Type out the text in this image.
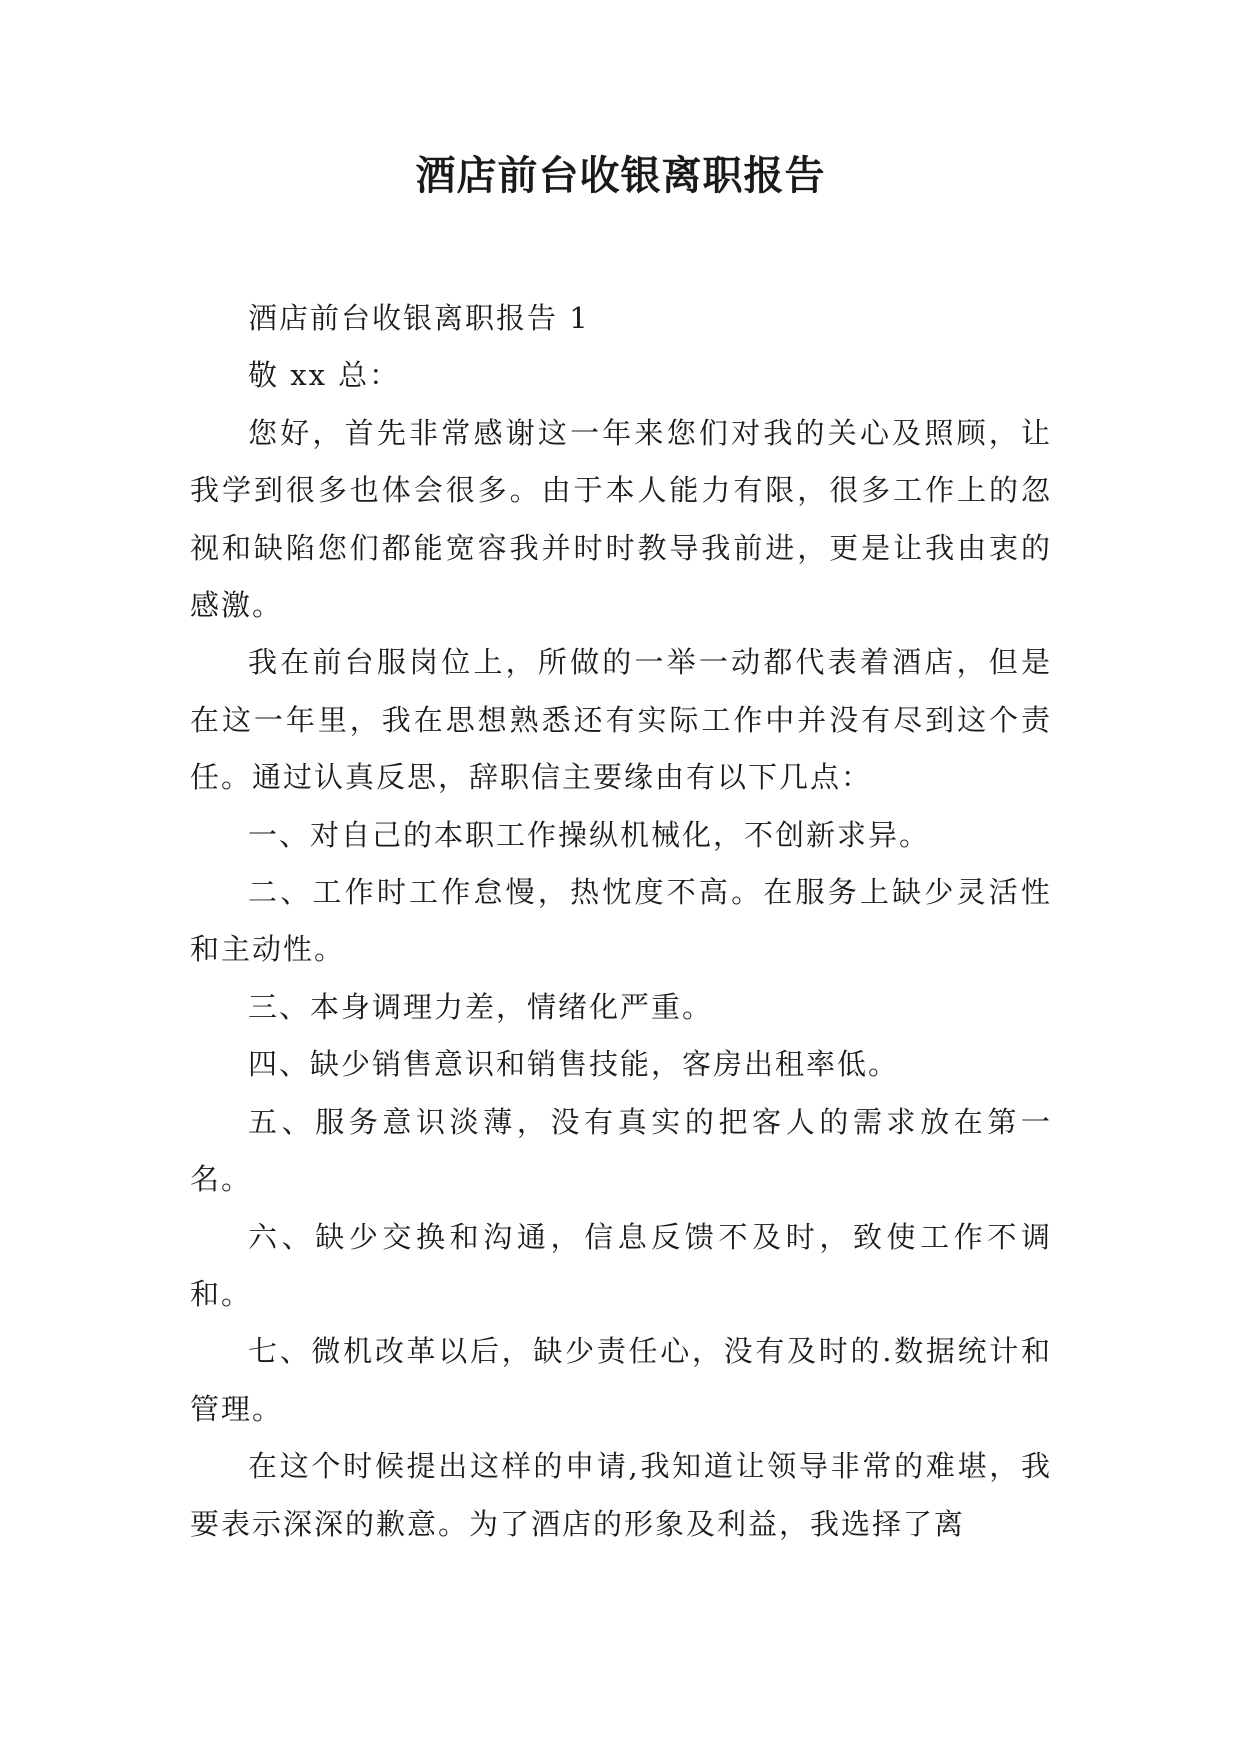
酒店前台收银离职报告

酒店前台收银离职报告 1

敬 xx 总：

您好，首先非常感谢这一年来您们对我的关心及照顾，让我学到很多也体会很多。由于本人能力有限，很多工作上的忽视和缺陷您们都能宽容我并时时教导我前进，更是让我由衷的感激。

我在前台服岗位上，所做的一举一动都代表着酒店，但是在这一年里，我在思想熟悉还有实际工作中并没有尽到这个责任。通过认真反思，辞职信主要缘由有以下几点：

一、对自己的本职工作操纵机械化，不创新求异。

二、工作时工作怠慢，热忱度不高。在服务上缺少灵活性和主动性。

三、本身调理力差，情绪化严重。

四、缺少销售意识和销售技能，客房出租率低。

五、服务意识淡薄，没有真实的把客人的需求放在第一名。

六、缺少交换和沟通，信息反馈不及时，致使工作不调和。

七、微机改革以后，缺少责任心，没有及时的.数据统计和管理。

在这个时候提出这样的申请,我知道让领导非常的难堪，我要表示深深的歉意。为了酒店的形象及利益，我选择了离
